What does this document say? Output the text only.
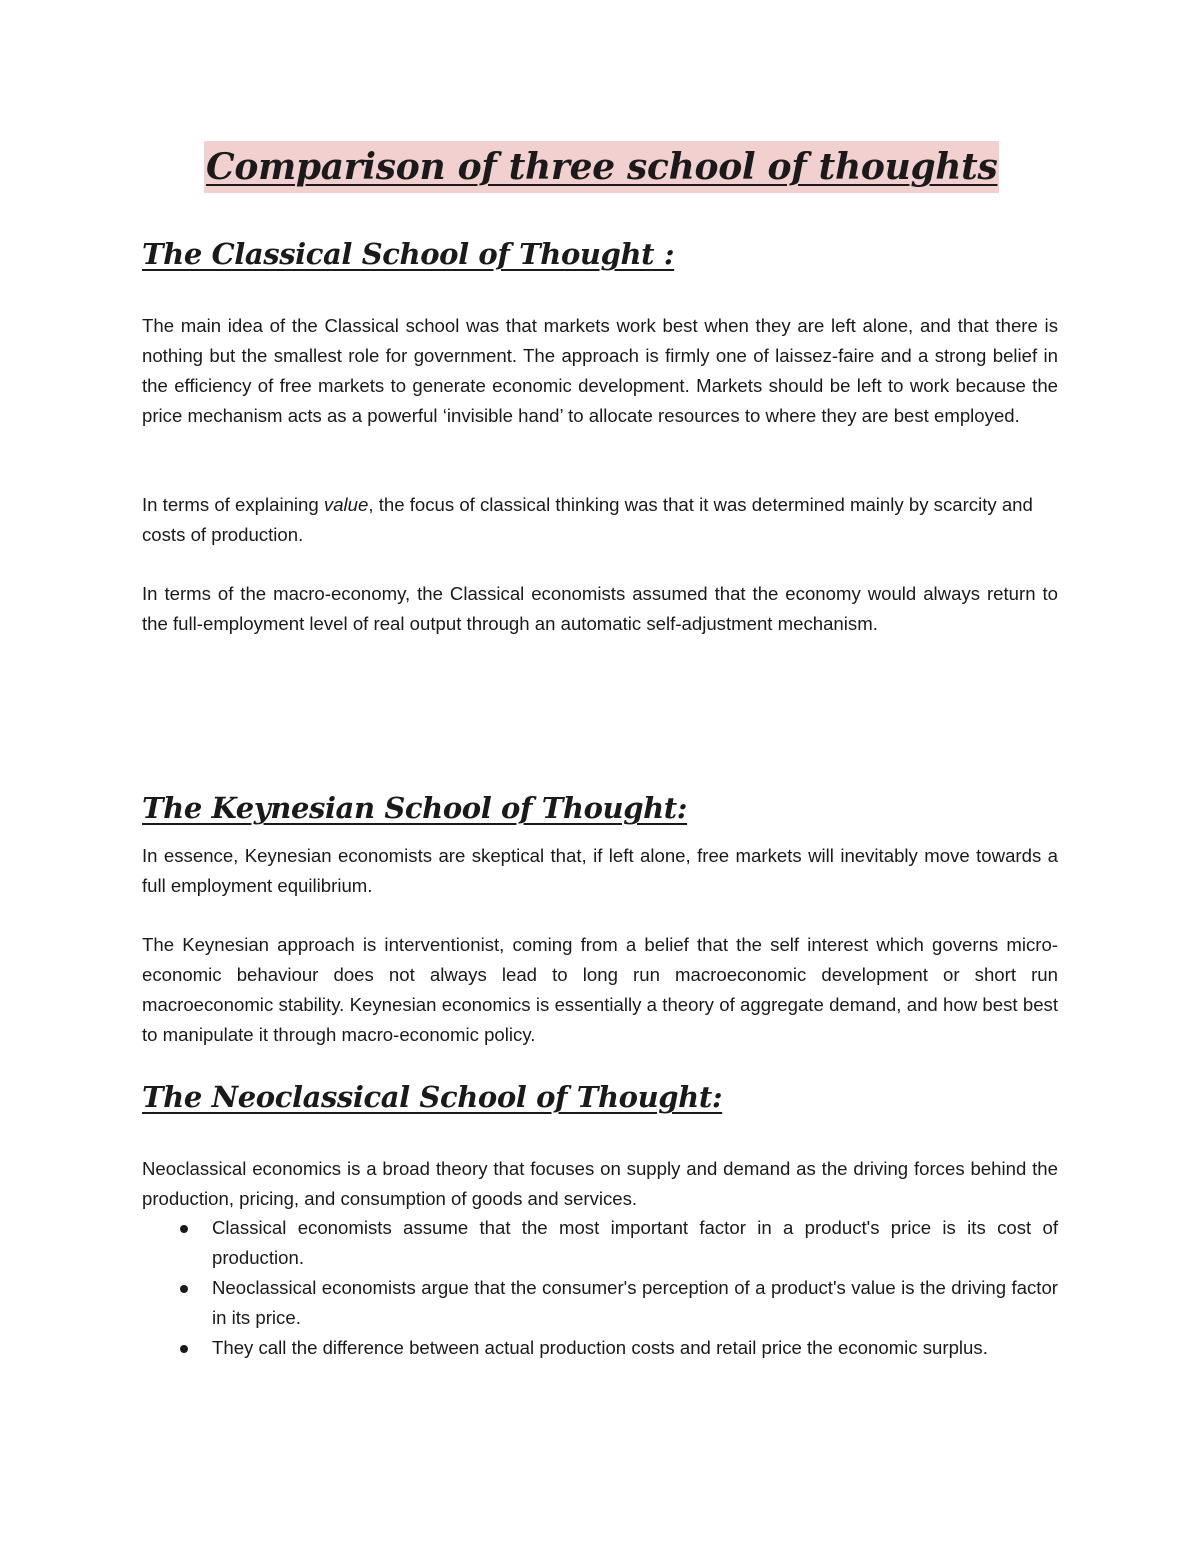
Comparison of three school of thoughts
The Classical School of Thought :

The main idea of the Classical school was that markets work best when they are left alone, and that there is nothing but the smallest role for government. The approach is firmly one of laissez-faire and a strong belief in the efficiency of free markets to generate economic development. Markets should be left to work because the price mechanism acts as a powerful ‘invisible hand’ to allocate resources to where they are best employed.

In terms of explaining value, the focus of classical thinking was that it was determined mainly by scarcity and costs of production.

In terms of the macro-economy, the Classical economists assumed that the economy would always return to the full-employment level of real output through an automatic self-adjustment mechanism.

The Keynesian School of Thought:

In essence, Keynesian economists are skeptical that, if left alone, free markets will inevitably move towards a full employment equilibrium.

The Keynesian approach is interventionist, coming from a belief that the self interest which governs micro-economic behaviour does not always lead to long run macroeconomic development or short run macroeconomic stability. Keynesian economics is essentially a theory of aggregate demand, and how best best to manipulate it through macro-economic policy.

The Neoclassical School of Thought:

Neoclassical economics is a broad theory that focuses on supply and demand as the driving forces behind the production, pricing, and consumption of goods and services.

Classical economists assume that the most important factor in a product's price is its cost of production.
Neoclassical economists argue that the consumer's perception of a product's value is the driving factor in its price.
They call the difference between actual production costs and retail price the economic surplus.
